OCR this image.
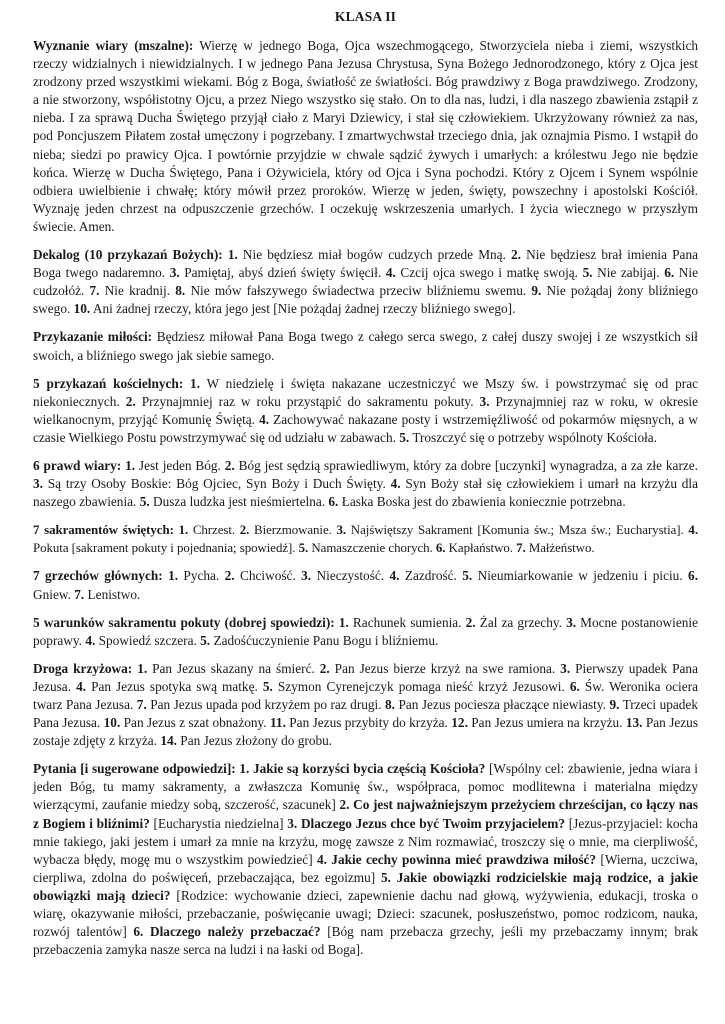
KLASA II

Wyznanie wiary (mszalne): Wierzę w jednego Boga, Ojca wszechmogącego, Stworzyciela nieba i ziemi, wszystkich rzeczy widzialnych i niewidzialnych. I w jednego Pana Jezusa Chrystusa, Syna Bożego Jednorodzonego, który z Ojca jest zrodzony przed wszystkimi wiekami. Bóg z Boga, światłość ze światłości. Bóg prawdziwy z Boga prawdziwego. Zrodzony, a nie stworzony, współistotny Ojcu, a przez Niego wszystko się stało. On to dla nas, ludzi, i dla naszego zbawienia zstąpił z nieba. I za sprawą Ducha Świętego przyjął ciało z Maryi Dziewicy, i stał się człowiekiem. Ukrzyżowany również za nas, pod Poncjuszem Piłatem został umęczony i pogrzebany. I zmartwychwstał trzeciego dnia, jak oznajmia Pismo. I wstąpił do nieba; siedzi po prawicy Ojca. I powtórnie przyjdzie w chwale sądzić żywych i umarłych: a królestwu Jego nie będzie końca. Wierzę w Ducha Świętego, Pana i Ożywiciela, który od Ojca i Syna pochodzi. Który z Ojcem i Synem wspólnie odbiera uwielbienie i chwałę; który mówił przez proroków. Wierzę w jeden, święty, powszechny i apostolski Kościół. Wyznaję jeden chrzest na odpuszczenie grzechów. I oczekuję wskrzeszenia umarłych. I życia wiecznego w przyszłym świecie. Amen.

Dekalog (10 przykazań Bożych): 1. Nie będziesz miał bogów cudzych przede Mną. 2. Nie będziesz brał imienia Pana Boga twego nadaremno. 3. Pamiętaj, abyś dzień święty święcił. 4. Czcij ojca swego i matkę swoją. 5. Nie zabijaj. 6. Nie cudzołóż. 7. Nie kradnij. 8. Nie mów fałszywego świadectwa przeciw bliźniemu swemu. 9. Nie pożądaj żony bliźniego swego. 10. Ani żadnej rzeczy, która jego jest [Nie pożądaj żadnej rzeczy bliźniego swego].

Przykazanie miłości: Będziesz miłował Pana Boga twego z całego serca swego, z całej duszy swojej i ze wszystkich sił swoich, a bliźniego swego jak siebie samego.

5 przykazań kościelnych: 1. W niedzielę i święta nakazane uczestniczyć we Mszy św. i powstrzymać się od prac niekoniecznych. 2. Przynajmniej raz w roku przystąpić do sakramentu pokuty. 3. Przynajmniej raz w roku, w okresie wielkanocnym, przyjąć Komunię Świętą. 4. Zachowywać nakazane posty i wstrzemięźliwość od pokarmów mięsnych, a w czasie Wielkiego Postu powstrzymywać się od udziału w zabawach. 5. Troszczyć się o potrzeby wspólnoty Kościoła.

6 prawd wiary: 1. Jest jeden Bóg. 2. Bóg jest sędzią sprawiedliwym, który za dobre [uczynki] wynagradza, a za złe karze. 3. Są trzy Osoby Boskie: Bóg Ojciec, Syn Boży i Duch Święty. 4. Syn Boży stał się człowiekiem i umarł na krzyżu dla naszego zbawienia. 5. Dusza ludzka jest nieśmiertelna. 6. Łaska Boska jest do zbawienia koniecznie potrzebna.

7 sakramentów świętych: 1. Chrzest. 2. Bierzmowanie. 3. Najświętszy Sakrament [Komunia św.; Msza św.; Eucharystia]. 4. Pokuta [sakrament pokuty i pojednania; spowiedź]. 5. Namaszczenie chorych. 6. Kapłaństwo. 7. Małżeństwo.

7 grzechów głównych: 1. Pycha. 2. Chciwość. 3. Nieczystość. 4. Zazdrość. 5. Nieumiarkowanie w jedzeniu i piciu. 6. Gniew. 7. Lenistwo.

5 warunków sakramentu pokuty (dobrej spowiedzi): 1. Rachunek sumienia. 2. Żal za grzechy. 3. Mocne postanowienie poprawy. 4. Spowiedź szczera. 5. Zadośćuczynienie Panu Bogu i bliźniemu.

Droga krzyżowa: 1. Pan Jezus skazany na śmierć. 2. Pan Jezus bierze krzyż na swe ramiona. 3. Pierwszy upadek Pana Jezusa. 4. Pan Jezus spotyka swą matkę. 5. Szymon Cyrenejczyk pomaga nieść krzyż Jezusowi. 6. Św. Weronika ociera twarz Pana Jezusa. 7. Pan Jezus upada pod krzyżem po raz drugi. 8. Pan Jezus pocieszа płaczące niewiasty. 9. Trzeci upadek Pana Jezusa. 10. Pan Jezus z szat obnażony. 11. Pan Jezus przybity do krzyża. 12. Pan Jezus umiera na krzyżu. 13. Pan Jezus zostaje zdjęty z krzyża. 14. Pan Jezus złożony do grobu.

Pytania [i sugerowane odpowiedzi]: 1. Jakie są korzyści bycia częścią Kościoła? [Wspólny cel: zbawienie, jedna wiara i jeden Bóg, tu mamy sakramenty, a zwłaszcza Komunię św., współpraca, pomoc modlitewna i materialna między wierzącymi, zaufanie miedzy sobą, szczerość, szacunek] 2. Co jest najważniejszym przeżyciem chrześcijan, co łączy nas z Bogiem i bliźnimi? [Eucharystia niedzielna] 3. Dlaczego Jezus chce być Twoim przyjacielem? [Jezus-przyjaciel: kocha mnie takiego, jaki jestem i umarł za mnie na krzyżu, mogę zawsze z Nim rozmawiać, troszczy się o mnie, ma cierpliwość, wybacza błędy, mogę mu o wszystkim powiedzieć] 4. Jakie cechy powinna mieć prawdziwa miłość? [Wierna, uczciwa, cierpliwa, zdolna do poświęceń, przebaczająca, bez egoizmu] 5. Jakie obowiązki rodzicielskie mają rodzice, a jakie obowiązki mają dzieci? [Rodzice: wychowanie dzieci, zapewnienie dachu nad głową, wyżywienia, edukacji, troska o wiarę, okazywanie miłości, przebaczanie, poświęcanie uwagi; Dzieci: szacunek, posłuszeństwo, pomoc rodzicom, nauka, rozwój talentów] 6. Dlaczego należy przebaczać? [Bóg nam przebacza grzechy, jeśli my przebaczamy innym; brak przebaczenia zamyka nasze serca na ludzi i na łaski od Boga].
